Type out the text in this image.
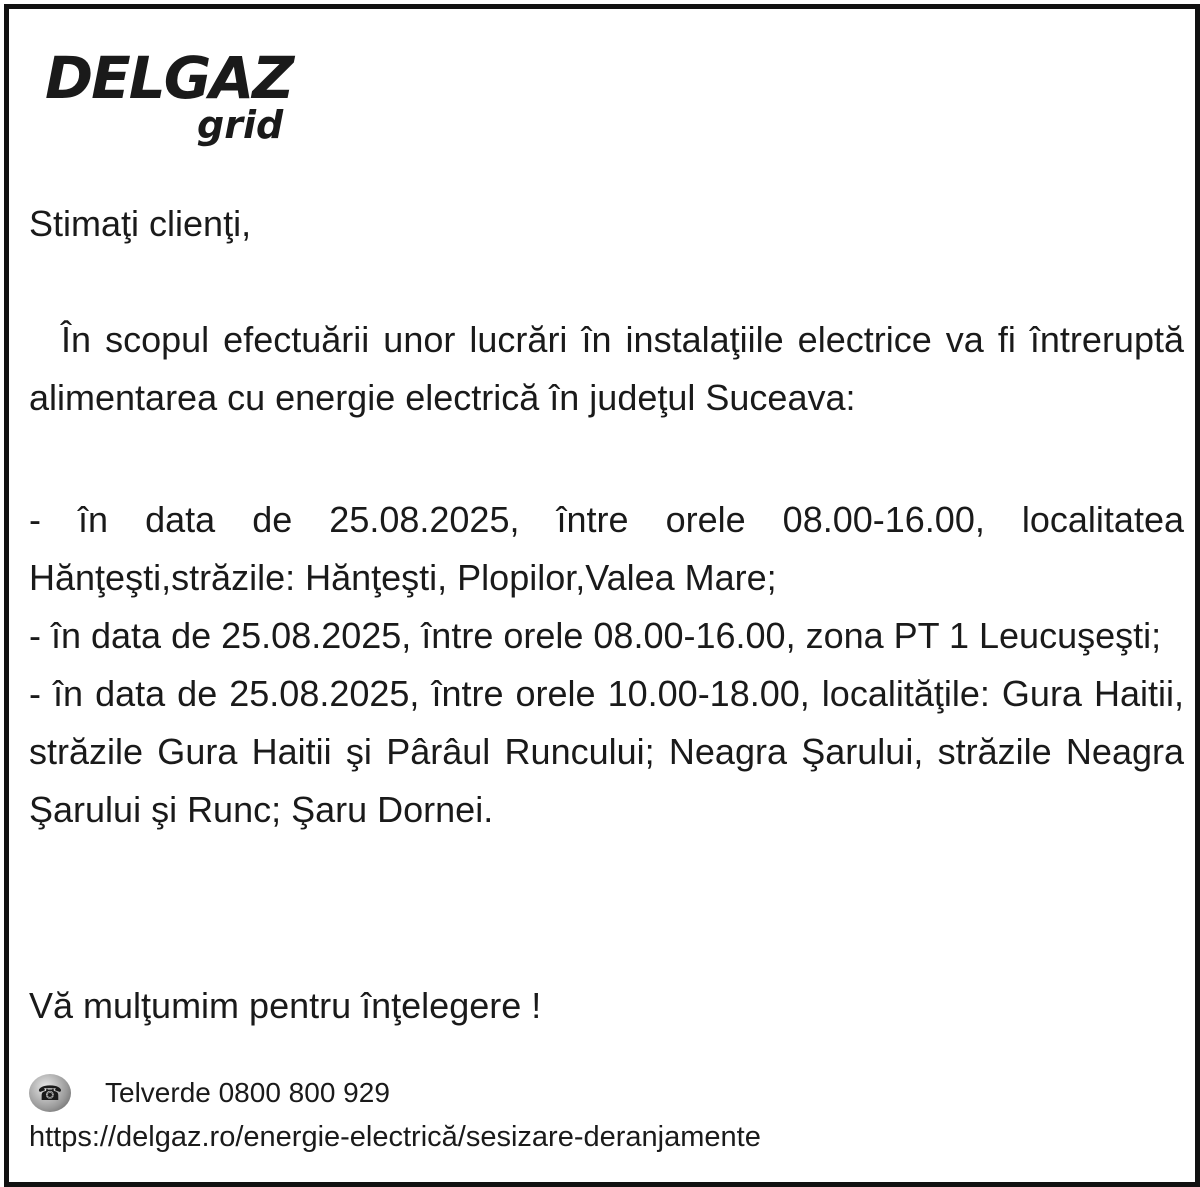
DELGAZ
grid
Stimaţi clienţi,
În scopul efectuării unor lucrări în instalaţiile electrice va fi întreruptă alimentarea cu energie electrică în judeţul Suceava:

- în data de 25.08.2025, între orele 08.00-16.00, localitatea Hănţeşti,străzile: Hănţeşti, Plopilor,Valea Mare;

- în data de 25.08.2025, între orele 08.00-16.00, zona PT 1 Leucuşeşti;

- în data de 25.08.2025, între orele 10.00-18.00, localităţile: Gura Haitii, străzile Gura Haitii şi Pârâul Runcului; Neagra Şarului, străzile Neagra Şarului şi Runc; Şaru Dornei.

Vă mulţumim pentru înţelegere !
☎	Telverde 0800 800 929
https://delgaz.ro/energie-electrică/sesizare-deranjamente
